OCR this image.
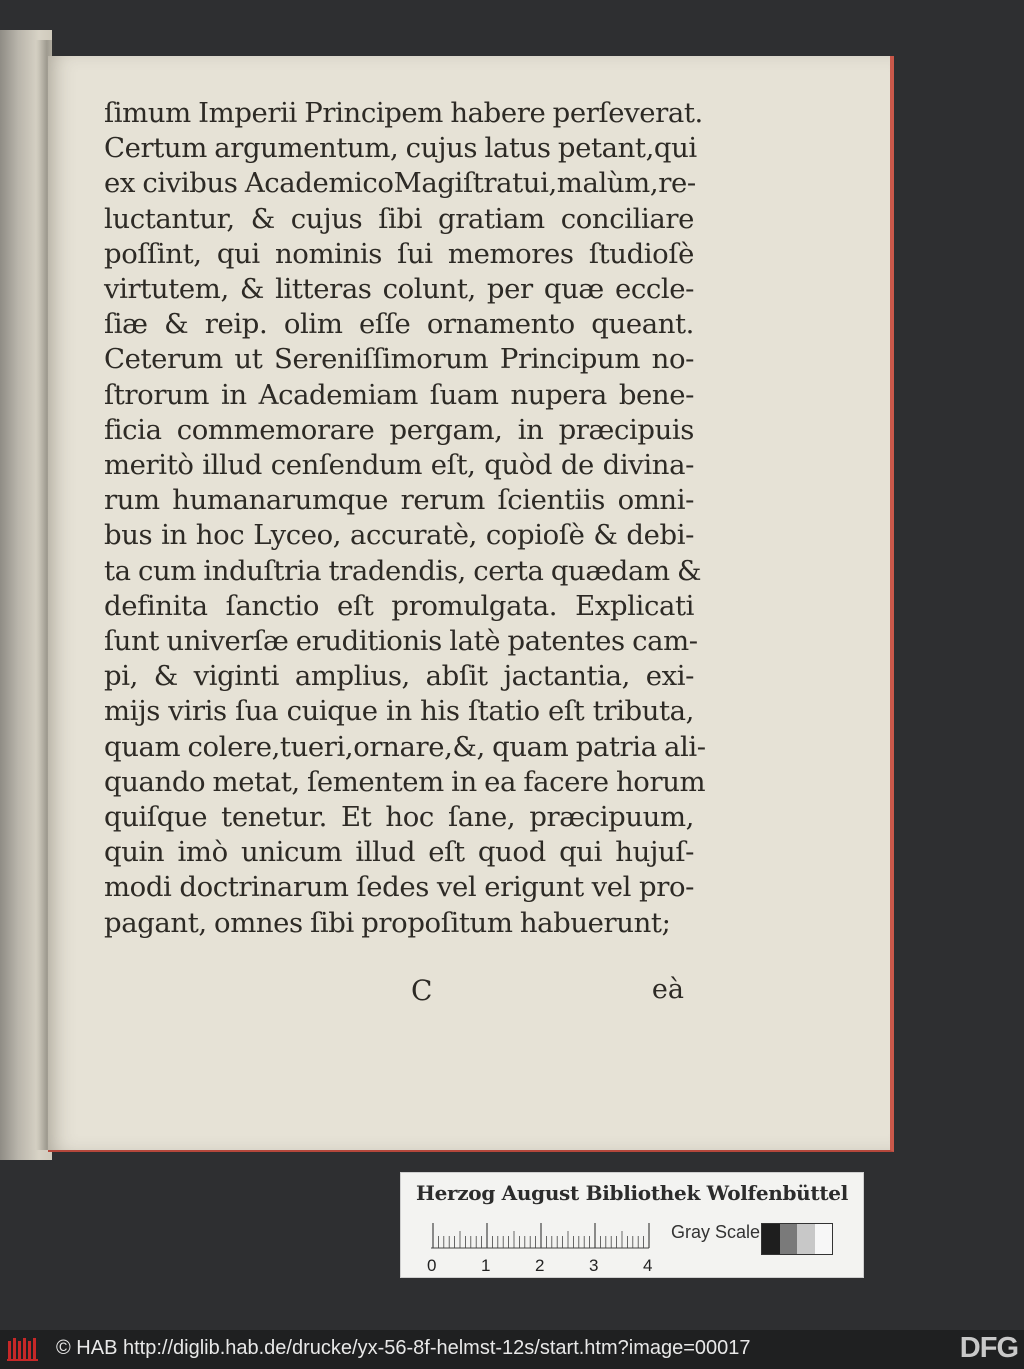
ſimum Imperii Principem habere perſeverat.
Certum argumentum, cujus latus petant,qui
ex civibus AcademicoMagiſtratui,malùm,re-
luctantur, & cujus ſibi gratiam conciliare
poſſint, qui nominis ſui memores ſtudioſè
virtutem, & litteras colunt, per quæ eccle-
ſiæ & reip. olim eſſe ornamento queant.
Ceterum ut Sereniſſimorum Principum no-
ſtrorum in Academiam ſuam nupera bene-
ficia commemorare pergam, in præcipuis
meritò illud cenſendum eſt, quòd de divina-
rum humanarumque rerum ſcientiis omni-
bus in hoc Lyceo, accuratè, copioſè & debi-
ta cum induſtria tradendis, certa quædam &
definita ſanctio eſt promulgata. Explicati
ſunt univerſæ eruditionis latè patentes cam-
pi, & viginti amplius, abſit jactantia, exi-
mijs viris ſua cuique in his ſtatio eſt tributa,
quam colere,tueri,ornare,&, quam patria ali-
quando metat, ſementem in ea facere horum
quiſque tenetur. Et hoc ſane, præcipuum,
quin imò unicum illud eſt quod qui hujuſ-
modi doctrinarum ſedes vel erigunt vel pro-
pagant, omnes ſibi propoſitum habuerunt;
C	eà
Herzog August Bibliothek Wolfenbüttel
0	1	2	3	4
Gray Scale
© HAB http://diglib.hab.de/drucke/yx-56-8f-helmst-12s/start.htm?image=00017	DFG
